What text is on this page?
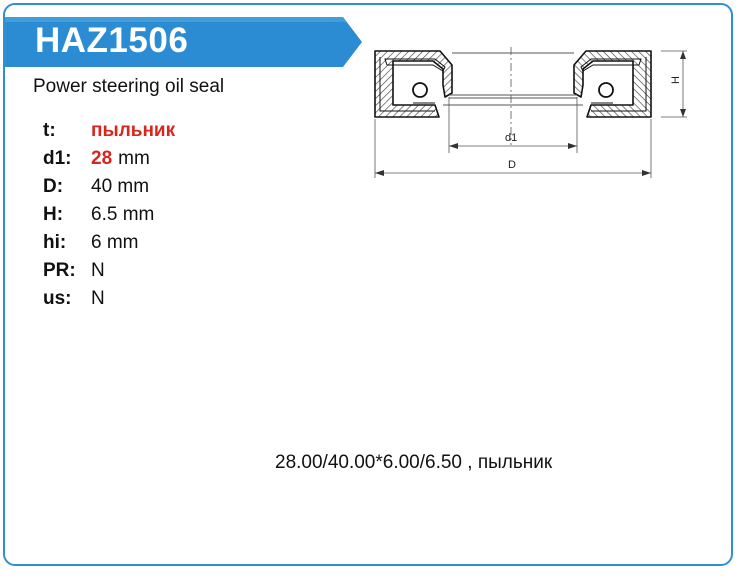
HAZ1506
Power steering oil seal
t:	пыльник
d1:	28 mm
D:	40 mm
H:	6.5 mm
hi:	6 mm
PR: N
us:	N
H
d1
D
28.00/40.00*6.00/6.50 , пыльник
